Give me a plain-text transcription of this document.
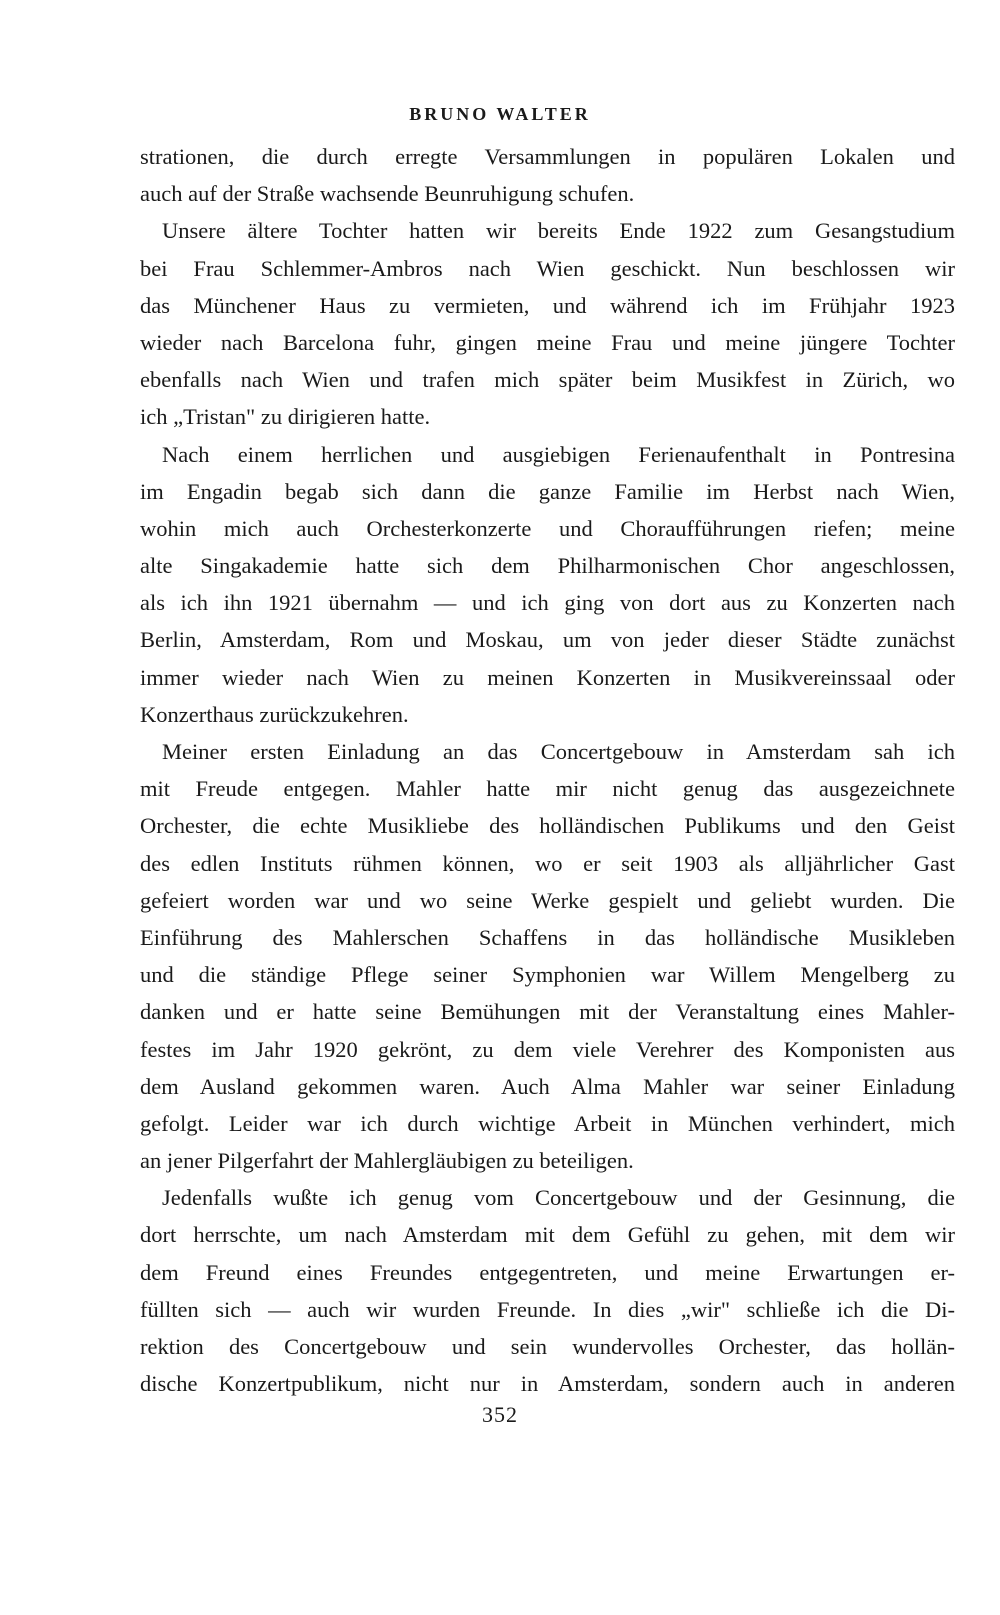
BRUNO WALTER
strationen, die durch erregte Versammlungen in populären Lokalen und
auch auf der Straße wachsende Beunruhigung schufen.
Unsere ältere Tochter hatten wir bereits Ende 1922 zum Gesangstudium
bei Frau Schlemmer-Ambros nach Wien geschickt. Nun beschlossen wir
das Münchener Haus zu vermieten, und während ich im Frühjahr 1923
wieder nach Barcelona fuhr, gingen meine Frau und meine jüngere Tochter
ebenfalls nach Wien und trafen mich später beim Musikfest in Zürich, wo
ich „Tristan" zu dirigieren hatte.
Nach einem herrlichen und ausgiebigen Ferienaufenthalt in Pontresina
im Engadin begab sich dann die ganze Familie im Herbst nach Wien,
wohin mich auch Orchesterkonzerte und Choraufführungen riefen; meine
alte Singakademie hatte sich dem Philharmonischen Chor angeschlossen,
als ich ihn 1921 übernahm — und ich ging von dort aus zu Konzerten nach
Berlin, Amsterdam, Rom und Moskau, um von jeder dieser Städte zunächst
immer wieder nach Wien zu meinen Konzerten in Musikvereinssaal oder
Konzerthaus zurückzukehren.
Meiner ersten Einladung an das Concertgebouw in Amsterdam sah ich
mit Freude entgegen. Mahler hatte mir nicht genug das ausgezeichnete
Orchester, die echte Musikliebe des holländischen Publikums und den Geist
des edlen Instituts rühmen können, wo er seit 1903 als alljährlicher Gast
gefeiert worden war und wo seine Werke gespielt und geliebt wurden. Die
Einführung des Mahlerschen Schaffens in das holländische Musikleben
und die ständige Pflege seiner Symphonien war Willem Mengelberg zu
danken und er hatte seine Bemühungen mit der Veranstaltung eines Mahler-
festes im Jahr 1920 gekrönt, zu dem viele Verehrer des Komponisten aus
dem Ausland gekommen waren. Auch Alma Mahler war seiner Einladung
gefolgt. Leider war ich durch wichtige Arbeit in München verhindert, mich
an jener Pilgerfahrt der Mahlergläubigen zu beteiligen.
Jedenfalls wußte ich genug vom Concertgebouw und der Gesinnung, die
dort herrschte, um nach Amsterdam mit dem Gefühl zu gehen, mit dem wir
dem Freund eines Freundes entgegentreten, und meine Erwartungen er-
füllten sich — auch wir wurden Freunde. In dies „wir" schließe ich die Di-
rektion des Concertgebouw und sein wundervolles Orchester, das hollän-
dische Konzertpublikum, nicht nur in Amsterdam, sondern auch in anderen
352
